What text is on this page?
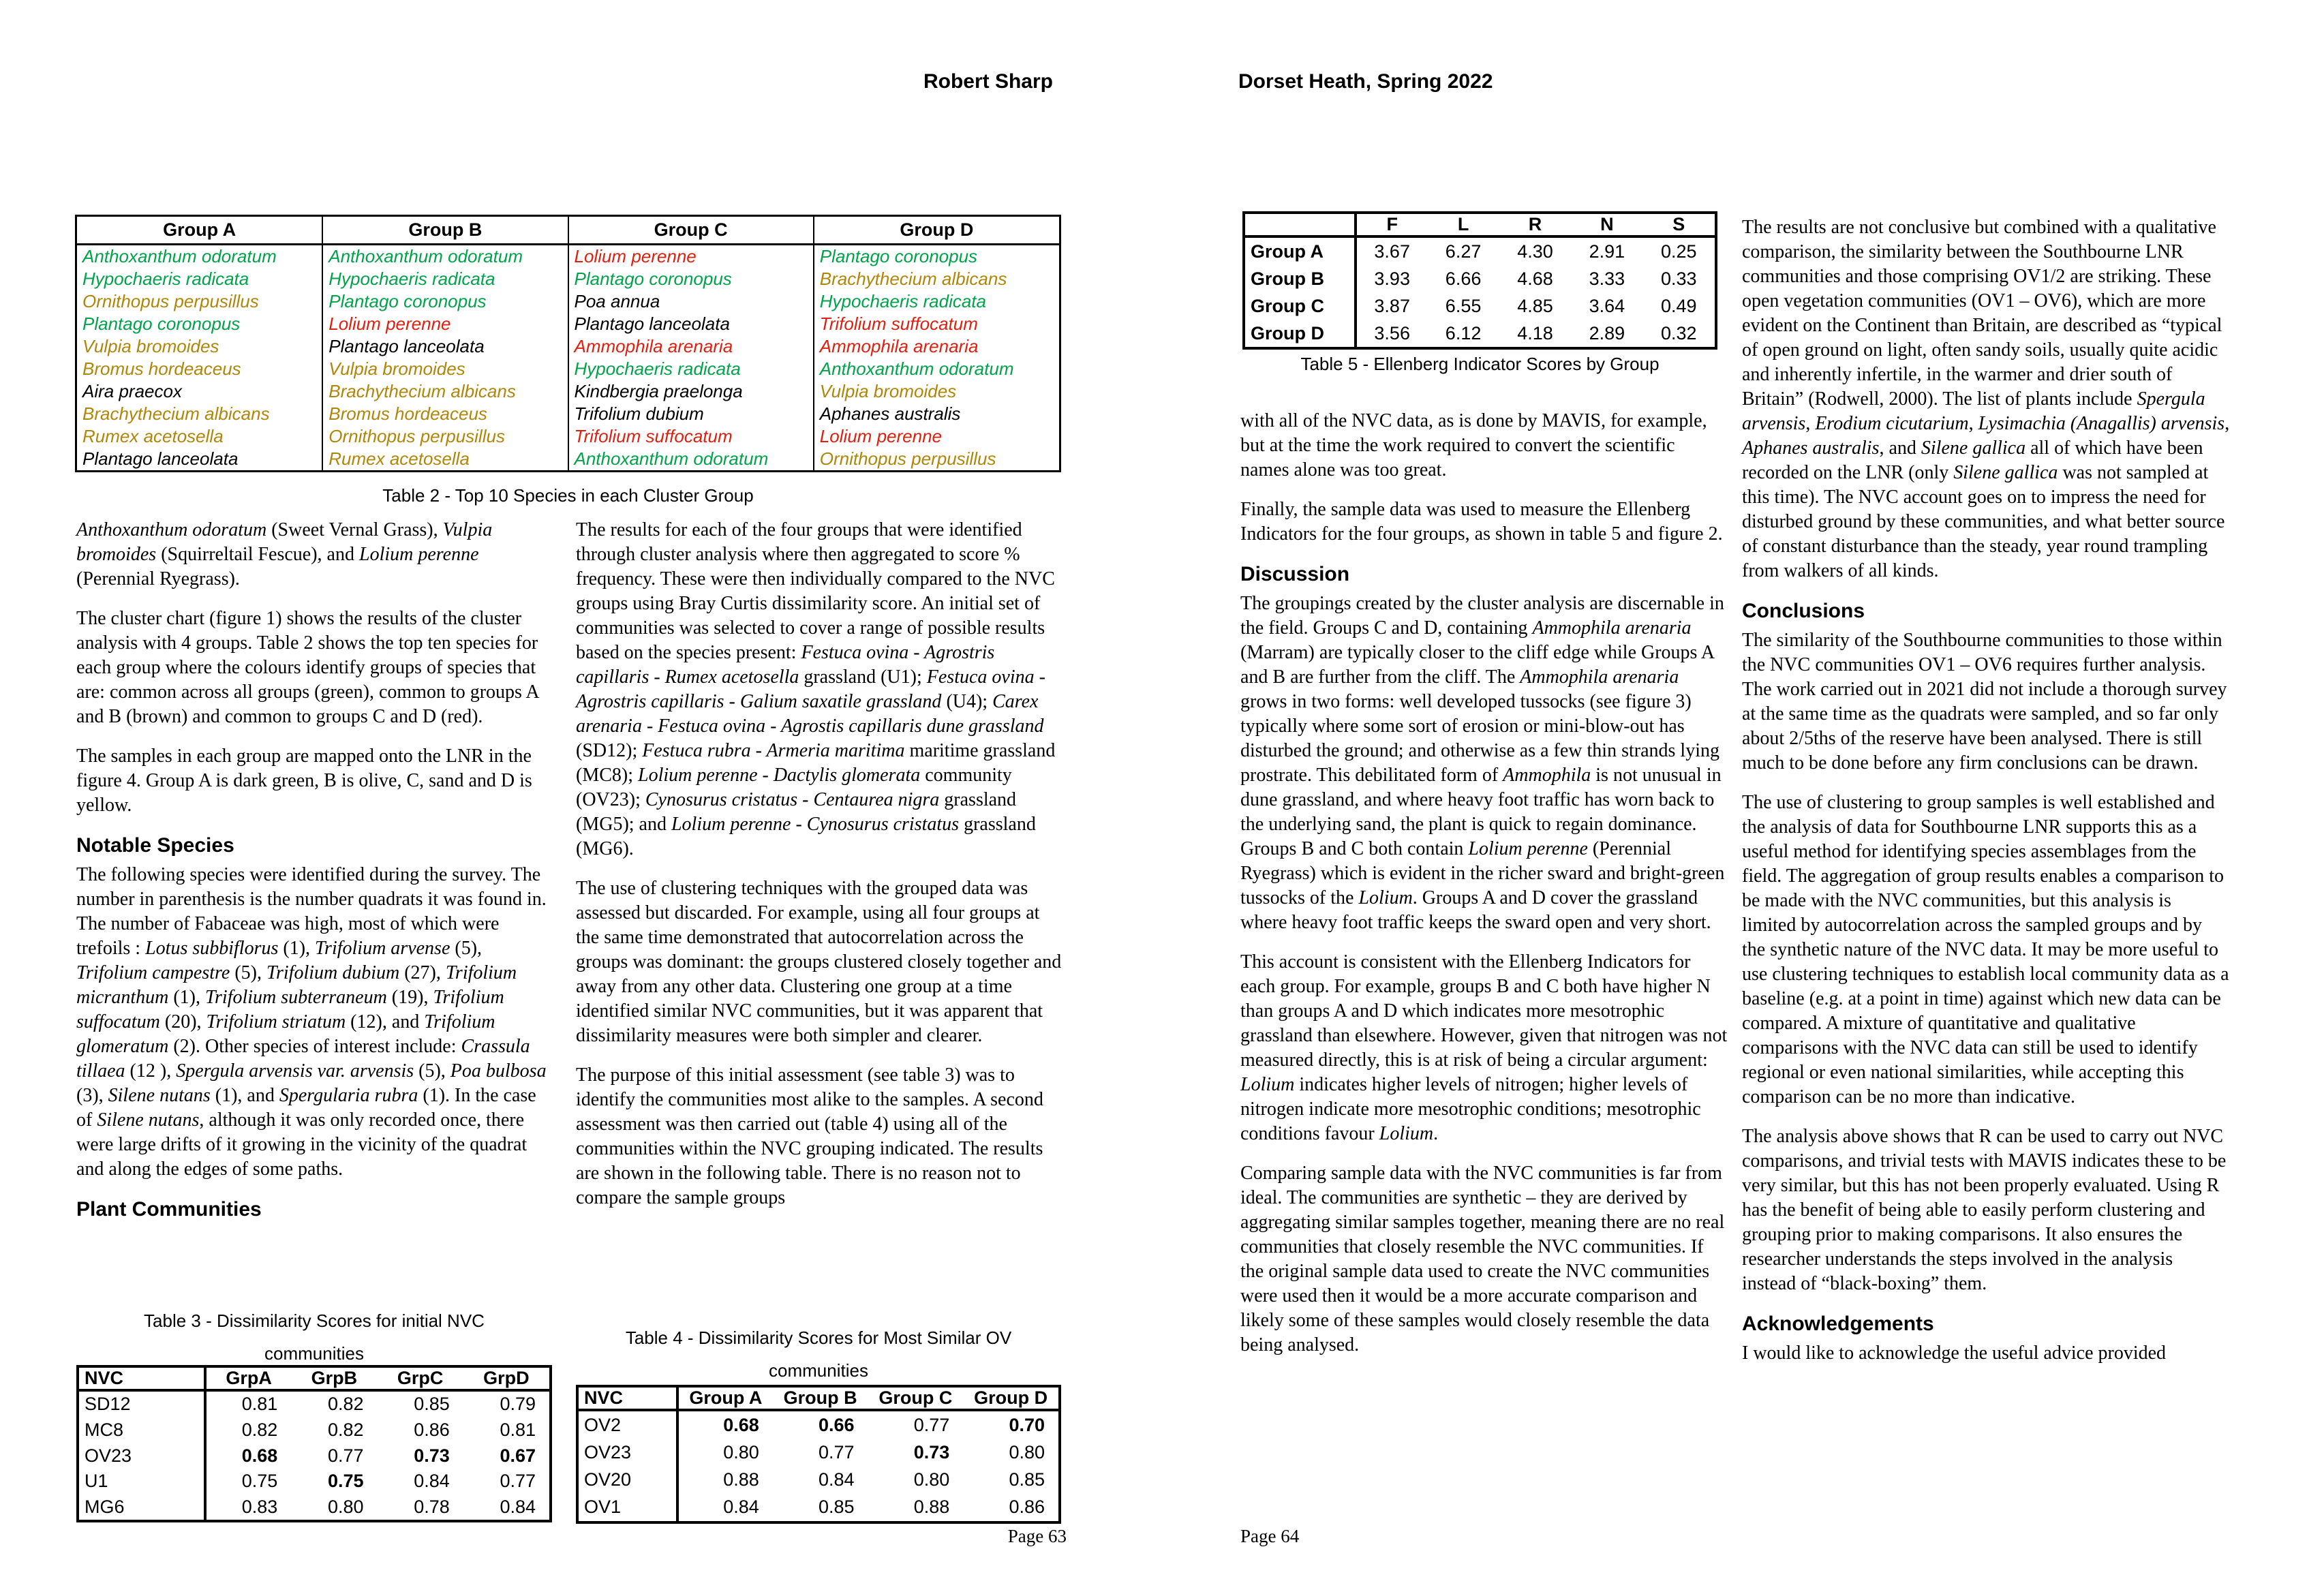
Robert Sharp	Dorset Heath, Spring 2022
Group A	Group B	Group C	Group D
Anthoxanthum odoratum	Anthoxanthum odoratum	Lolium perenne	Plantago coronopus
Hypochaeris radicata	Hypochaeris radicata	Plantago coronopus	Brachythecium albicans
Ornithopus perpusillus	Plantago coronopus	Poa annua	Hypochaeris radicata
Plantago coronopus	Lolium perenne	Plantago lanceolata	Trifolium suffocatum
Vulpia bromoides	Plantago lanceolata	Ammophila arenaria	Ammophila arenaria
Bromus hordeaceus	Vulpia bromoides	Hypochaeris radicata	Anthoxanthum odoratum
Aira praecox	Brachythecium albicans	Kindbergia praelonga	Vulpia bromoides
Brachythecium albicans	Bromus hordeaceus	Trifolium dubium	Aphanes australis
Rumex acetosella	Ornithopus perpusillus	Trifolium suffocatum	Lolium perenne
Plantago lanceolata	Rumex acetosella	Anthoxanthum odoratum	Ornithopus perpusillus
Table 2 - Top 10 Species in each Cluster Group

Anthoxanthum odoratum (Sweet Vernal Grass), Vulpia bromoides (Squirreltail Fescue), and Lolium perenne (Perennial Ryegrass).

The cluster chart (figure 1) shows the results of the cluster analysis with 4 groups. Table 2 shows the top ten species for each group where the colours identify groups of species that are: common across all groups (green), common to groups A and B (brown) and common to groups C and D (red).

The samples in each group are mapped onto the LNR in the figure 4. Group A is dark green, B is olive, C, sand and D is yellow.

Notable Species

The following species were identified during the survey. The number in parenthesis is the number quadrats it was found in. The number of Fabaceae was high, most of which were trefoils : Lotus subbiflorus (1), Trifolium arvense (5), Trifolium campestre (5), Trifolium dubium (27), Trifolium micranthum (1), Trifolium subterraneum (19), Trifolium suffocatum (20), Trifolium striatum (12), and Trifolium glomeratum (2). Other species of interest include: Crassula tillaea (12 ), Spergula arvensis var. arvensis (5), Poa bulbosa (3), Silene nutans (1), and Spergularia rubra (1). In the case of Silene nutans, although it was only recorded once, there were large drifts of it growing in the vicinity of the quadrat and along the edges of some paths.

Plant Communities

The results for each of the four groups that were identified through cluster analysis where then aggregated to score % frequency. These were then individually compared to the NVC groups using Bray Curtis dissimilarity score. An initial set of communities was selected to cover a range of possible results based on the species present: Festuca ovina - Agrostris capillaris - Rumex acetosella grassland (U1); Festuca ovina - Agrostris capillaris - Galium saxatile grassland (U4); Carex arenaria - Festuca ovina - Agrostis capillaris dune grassland (SD12); Festuca rubra - Armeria maritima maritime grassland (MC8); Lolium perenne - Dactylis glomerata community (OV23); Cynosurus cristatus - Centaurea nigra grassland (MG5); and Lolium perenne - Cynosurus cristatus grassland (MG6).

The use of clustering techniques with the grouped data was assessed but discarded. For example, using all four groups at the same time demonstrated that autocorrelation across the groups was dominant: the groups clustered closely together and away from any other data. Clustering one group at a time identified similar NVC communities, but it was apparent that dissimilarity measures were both simpler and clearer.

The purpose of this initial assessment (see table 3) was to identify the communities most alike to the samples. A second assessment was then carried out (table 4) using all of the communities within the NVC grouping indicated. The results are shown in the following table. There is no reason not to compare the sample groups

Table 3 - Dissimilarity Scores for initial NVC
communities
NVC	GrpA	GrpB	GrpC	GrpD
SD12	0.81	0.82	0.85	0.79
MC8	0.82	0.82	0.86	0.81
OV23	0.68	0.77	0.73	0.67
U1	0.75	0.75	0.84	0.77
MG6	0.83	0.80	0.78	0.84
Table 4 - Dissimilarity Scores for Most Similar OV
communities
NVC	Group A	Group B	Group C	Group D
OV2	0.68	0.66	0.77	0.70
OV23	0.80	0.77	0.73	0.80
OV20	0.88	0.84	0.80	0.85
OV1	0.84	0.85	0.88	0.86
Page 63
	F	L	R	N	S
Group A	3.67	6.27	4.30	2.91	0.25
Group B	3.93	6.66	4.68	3.33	0.33
Group C	3.87	6.55	4.85	3.64	0.49
Group D	3.56	6.12	4.18	2.89	0.32
Table 5 - Ellenberg Indicator Scores by Group

with all of the NVC data, as is done by MAVIS, for example, but at the time the work required to convert the scientific names alone was too great.

Finally, the sample data was used to measure the Ellenberg Indicators for the four groups, as shown in table 5 and figure 2.

Discussion

The groupings created by the cluster analysis are discernable in the field. Groups C and D, containing Ammophila arenaria (Marram) are typically closer to the cliff edge while Groups A and B are further from the cliff. The Ammophila arenaria grows in two forms: well developed tussocks (see figure 3) typically where some sort of erosion or mini-blow-out has disturbed the ground; and otherwise as a few thin strands lying prostrate. This debilitated form of Ammophila is not unusual in dune grassland, and where heavy foot traffic has worn back to the underlying sand, the plant is quick to regain dominance. Groups B and C both contain Lolium perenne (Perennial Ryegrass) which is evident in the richer sward and bright-green tussocks of the Lolium. Groups A and D cover the grassland where heavy foot traffic keeps the sward open and very short.

This account is consistent with the Ellenberg Indicators for each group. For example, groups B and C both have higher N than groups A and D which indicates more mesotrophic grassland than elsewhere. However, given that nitrogen was not measured directly, this is at risk of being a circular argument: Lolium indicates higher levels of nitrogen; higher levels of nitrogen indicate more mesotrophic conditions; mesotrophic conditions favour Lolium.

Comparing sample data with the NVC communities is far from ideal. The communities are synthetic – they are derived by aggregating similar samples together, meaning there are no real communities that closely resemble the NVC communities. If the original sample data used to create the NVC communities were used then it would be a more accurate comparison and likely some of these samples would closely resemble the data being analysed.

The results are not conclusive but combined with a qualitative comparison, the similarity between the Southbourne LNR communities and those comprising OV1/2 are striking. These open vegetation communities (OV1 – OV6), which are more evident on the Continent than Britain, are described as “typical of open ground on light, often sandy soils, usually quite acidic and inherently infertile, in the warmer and drier south of Britain” (Rodwell, 2000). The list of plants include Spergula arvensis, Erodium cicutarium, Lysimachia (Anagallis) arvensis, Aphanes australis, and Silene gallica all of which have been recorded on the LNR (only Silene gallica was not sampled at this time). The NVC account goes on to impress the need for disturbed ground by these communities, and what better source of constant disturbance than the steady, year round trampling from walkers of all kinds.

Conclusions

The similarity of the Southbourne communities to those within the NVC communities OV1 – OV6 requires further analysis. The work carried out in 2021 did not include a thorough survey at the same time as the quadrats were sampled, and so far only about 2/5ths of the reserve have been analysed. There is still much to be done before any firm conclusions can be drawn.

The use of clustering to group samples is well established and the analysis of data for Southbourne LNR supports this as a useful method for identifying species assemblages from the field. The aggregation of group results enables a comparison to be made with the NVC communities, but this analysis is limited by autocorrelation across the sampled groups and by the synthetic nature of the NVC data. It may be more useful to use clustering techniques to establish local community data as a baseline (e.g. at a point in time) against which new data can be compared. A mixture of quantitative and qualitative comparisons with the NVC data can still be used to identify regional or even national similarities, while accepting this comparison can be no more than indicative.

The analysis above shows that R can be used to carry out NVC comparisons, and trivial tests with MAVIS indicates these to be very similar, but this has not been properly evaluated. Using R has the benefit of being able to easily perform clustering and grouping prior to making comparisons. It also ensures the researcher understands the steps involved in the analysis instead of “black-boxing” them.

Acknowledgements

I would like to acknowledge the useful advice provided

Page 64
